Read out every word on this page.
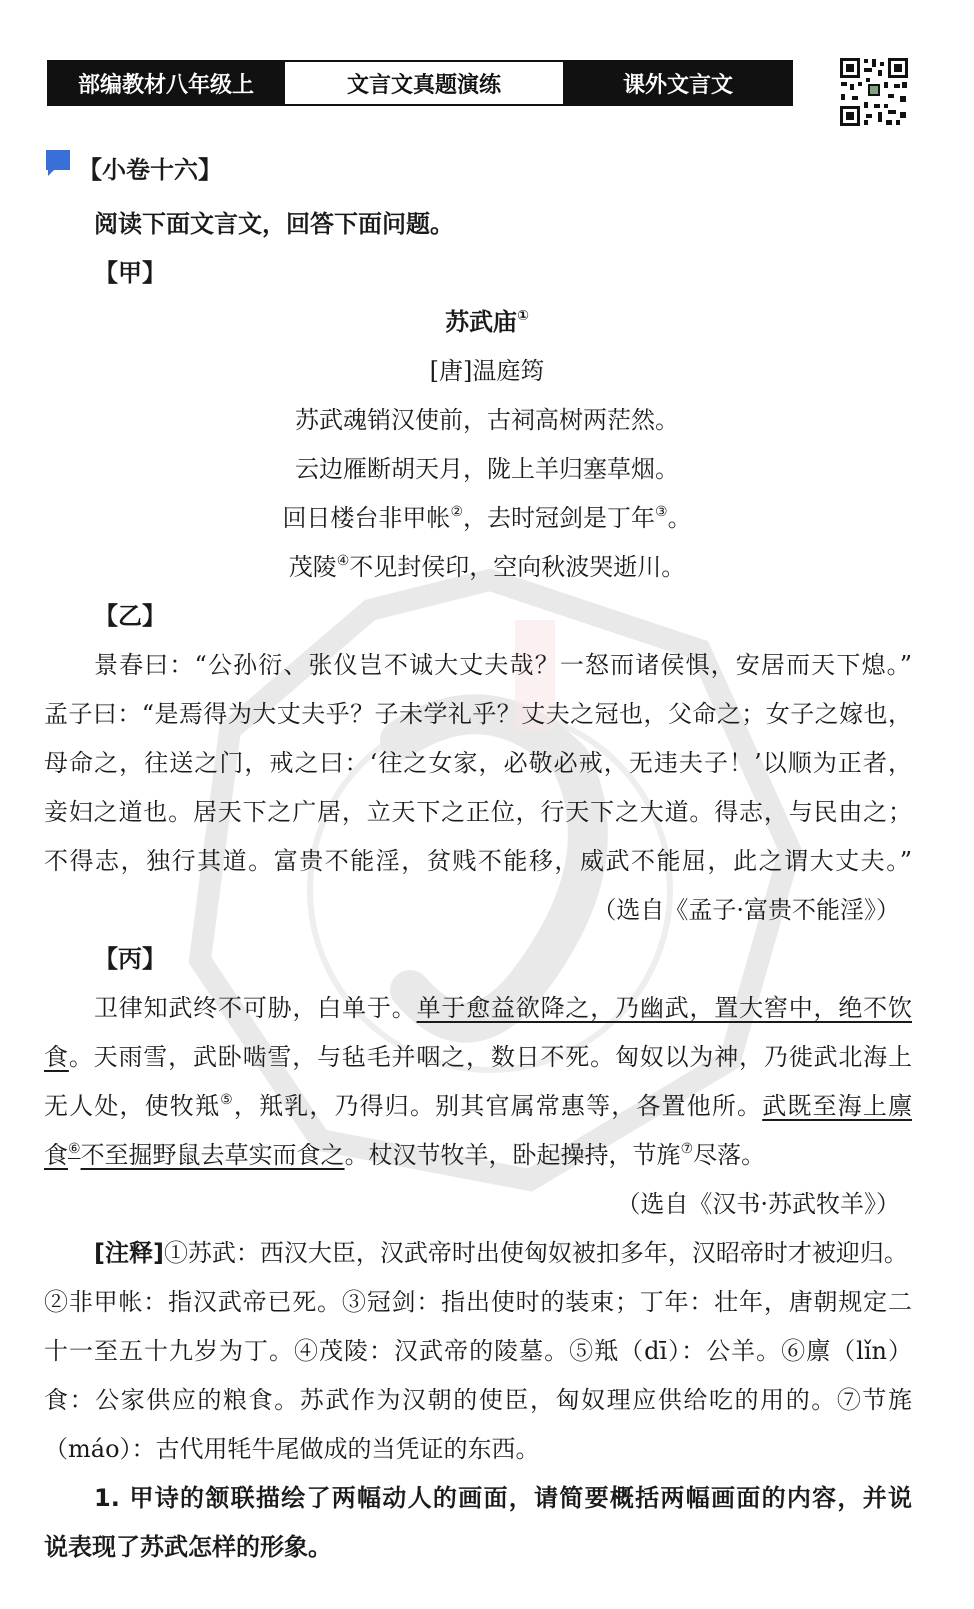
部编教材八年级上	文言文真题演练	课外文言文
【小卷十六】
阅读下面文言文，回答下面问题。
【甲】
苏武庙①
[唐]温庭筠
苏武魂销汉使前，古祠高树两茫然。
云边雁断胡天月，陇上羊归塞草烟。
回日楼台非甲帐②，去时冠剑是丁年③。
茂陵④不见封侯印，空向秋波哭逝川。
【乙】
景春曰：“公孙衍、张仪岂不诚大丈夫哉？一怒而诸侯惧，安居而天下熄。”
孟子曰：“是焉得为大丈夫乎？子未学礼乎？丈夫之冠也，父命之；女子之嫁也，
母命之，往送之门，戒之曰：‘往之女家，必敬必戒，无违夫子！’以顺为正者，
妾妇之道也。居天下之广居，立天下之正位，行天下之大道。得志，与民由之；
不得志，独行其道。富贵不能淫，贫贱不能移，威武不能屈，此之谓大丈夫。”
（选自《孟子·富贵不能淫》）
【丙】
卫律知武终不可胁，白单于。单于愈益欲降之，乃幽武，置大窖中，绝不饮
食。天雨雪，武卧啮雪，与毡毛并咽之，数日不死。匈奴以为神，乃徙武北海上
无人处，使牧羝⑤，羝乳，乃得归。别其官属常惠等，各置他所。武既至海上廪
食⑥不至掘野鼠去草实而食之。杖汉节牧羊，卧起操持，节旄⑦尽落。
（选自《汉书·苏武牧羊》）
[注释]①苏武：西汉大臣，汉武帝时出使匈奴被扣多年，汉昭帝时才被迎归。
②非甲帐：指汉武帝已死。③冠剑：指出使时的装束；丁年：壮年，唐朝规定二
十一至五十九岁为丁。④茂陵：汉武帝的陵墓。⑤羝（dī）：公羊。⑥廪（lǐn）
食：公家供应的粮食。苏武作为汉朝的使臣，匈奴理应供给吃的用的。⑦节旄
（máo）：古代用牦牛尾做成的当凭证的东西。
1. 甲诗的颔联描绘了两幅动人的画面，请简要概括两幅画面的内容，并说
说表现了苏武怎样的形象。
